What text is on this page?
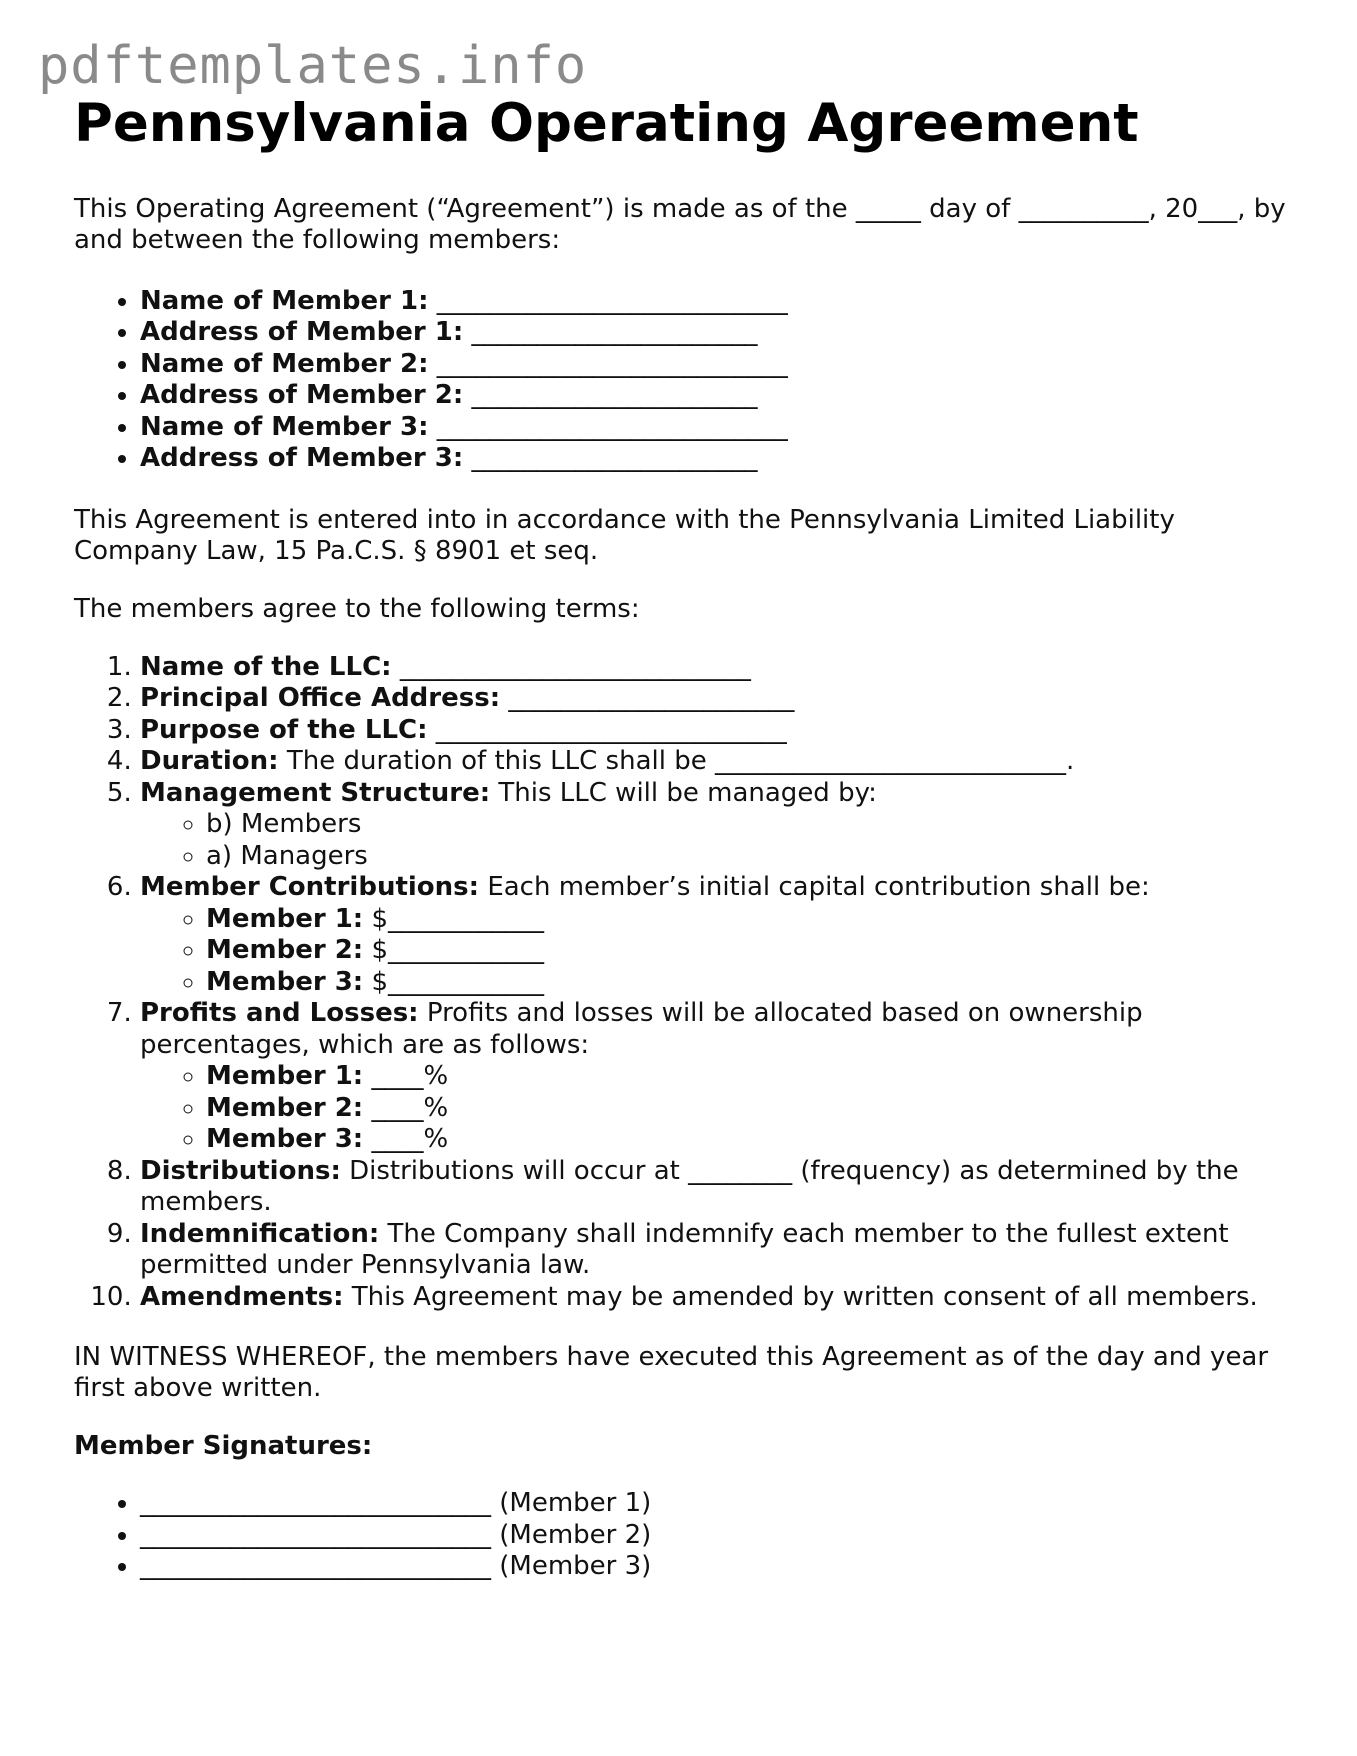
pdftemplates.info
Pennsylvania Operating Agreement

This Operating Agreement (“Agreement”) is made as of the _____ day of __________, 20___, by and between the following members:

• Name of Member 1: ___________________________
• Address of Member 1: ______________________
• Name of Member 2: ___________________________
• Address of Member 2: ______________________
• Name of Member 3: ___________________________
• Address of Member 3: ______________________

This Agreement is entered into in accordance with the Pennsylvania Limited Liability Company Law, 15 Pa.C.S. § 8901 et seq.

The members agree to the following terms:

1. Name of the LLC: ___________________________
2. Principal Office Address: ______________________
3. Purpose of the LLC: ___________________________
4. Duration: The duration of this LLC shall be ___________________________.
5. Management Structure: This LLC will be managed by:
◦ b) Members
◦ a) Managers
6. Member Contributions: Each member’s initial capital contribution shall be:
◦ Member 1: $____________
◦ Member 2: $____________
◦ Member 3: $____________
7. Profits and Losses: Profits and losses will be allocated based on ownership percentages, which are as follows:
◦ Member 1: ____%
◦ Member 2: ____%
◦ Member 3: ____%
8. Distributions: Distributions will occur at ________ (frequency) as determined by the members.
9. Indemnification: The Company shall indemnify each member to the fullest extent permitted under Pennsylvania law.
10. Amendments: This Agreement may be amended by written consent of all members.

IN WITNESS WHEREOF, the members have executed this Agreement as of the day and year first above written.

Member Signatures:

• ___________________________ (Member 1)
• ___________________________ (Member 2)
• ___________________________ (Member 3)
